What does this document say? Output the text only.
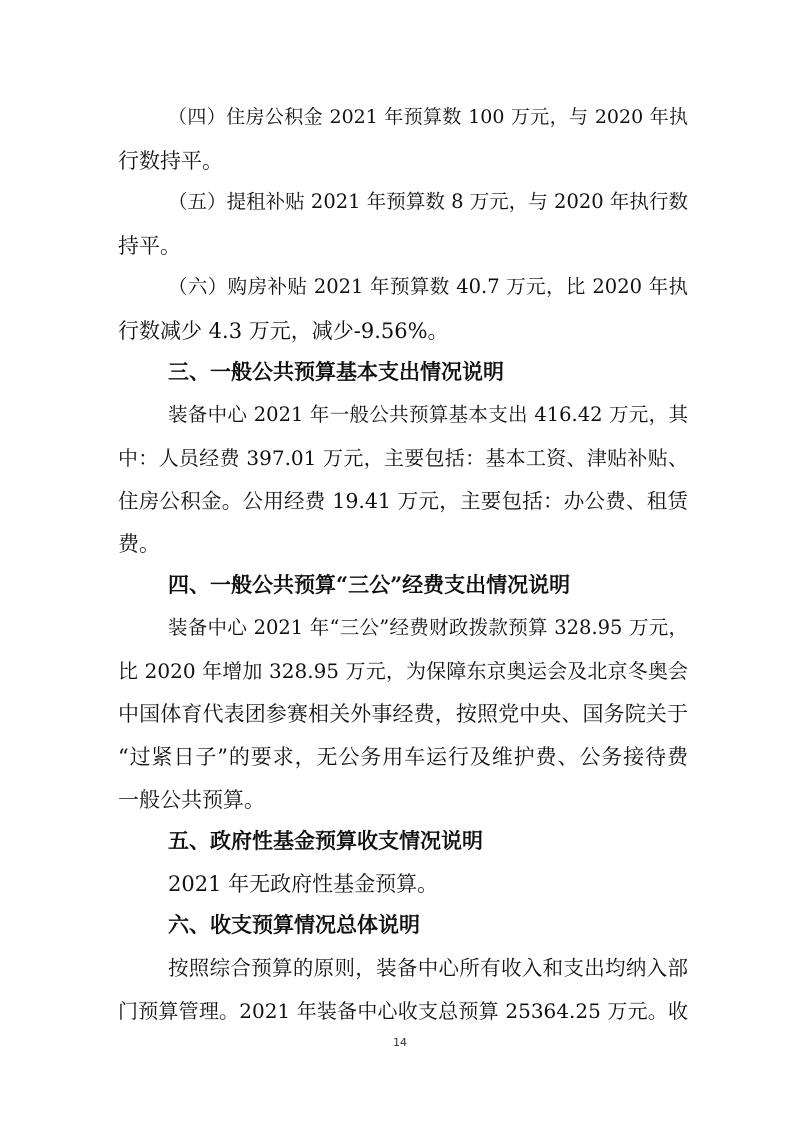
（四）住房公积金 2021 年预算数 100 万元，与 2020 年执
行数持平。
（五）提租补贴 2021 年预算数 8 万元，与 2020 年执行数
持平。
（六）购房补贴 2021 年预算数 40.7 万元，比 2020 年执
行数减少 4.3 万元，减少-9.56%。
三、一般公共预算基本支出情况说明
装备中心 2021 年一般公共预算基本支出 416.42 万元，其
中：人员经费 397.01 万元，主要包括：基本工资、津贴补贴、
住房公积金。公用经费 19.41 万元，主要包括：办公费、租赁
费。
四、一般公共预算“三公”经费支出情况说明
装备中心 2021 年“三公”经费财政拨款预算 328.95 万元，
比 2020 年增加 328.95 万元，为保障东京奥运会及北京冬奥会
中国体育代表团参赛相关外事经费，按照党中央、国务院关于
“过紧日子”的要求，无公务用车运行及维护费、公务接待费
一般公共预算。
五、政府性基金预算收支情况说明
2021 年无政府性基金预算。
六、收支预算情况总体说明
按照综合预算的原则，装备中心所有收入和支出均纳入部
门预算管理。2021 年装备中心收支总预算 25364.25 万元。收
14
